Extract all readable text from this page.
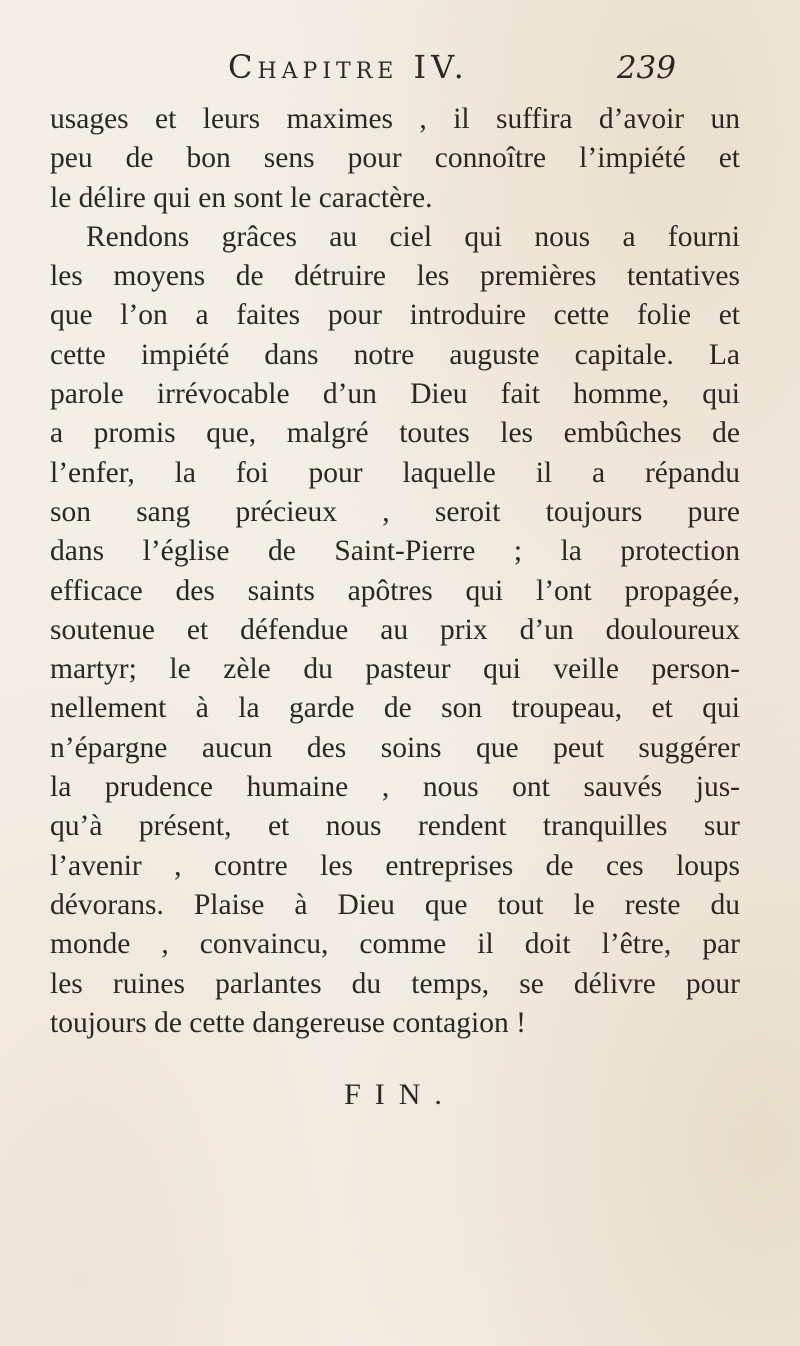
Chapitre IV.	239
usages et leurs maximes , il suffira d’avoir un
peu de bon sens pour connoître l’impiété et
le délire qui en sont le caractère.
Rendons grâces au ciel qui nous a fourni
les moyens de détruire les premières tentatives
que l’on a faites pour introduire cette folie et
cette impiété dans notre auguste capitale. La
parole irrévocable d’un Dieu fait homme, qui
a promis que, malgré toutes les embûches de
l’enfer, la foi pour laquelle il a répandu
son sang précieux , seroit toujours pure
dans l’église de Saint-Pierre ; la protection
efficace des saints apôtres qui l’ont propagée,
soutenue et défendue au prix d’un douloureux
martyr; le zèle du pasteur qui veille person-
nellement à la garde de son troupeau, et qui
n’épargne aucun des soins que peut suggérer
la prudence humaine , nous ont sauvés jus-
qu’à présent, et nous rendent tranquilles sur
l’avenir , contre les entreprises de ces loups
dévorans. Plaise à Dieu que tout le reste du
monde , convaincu, comme il doit l’être, par
les ruines parlantes du temps, se délivre pour
toujours de cette dangereuse contagion !
FIN.
